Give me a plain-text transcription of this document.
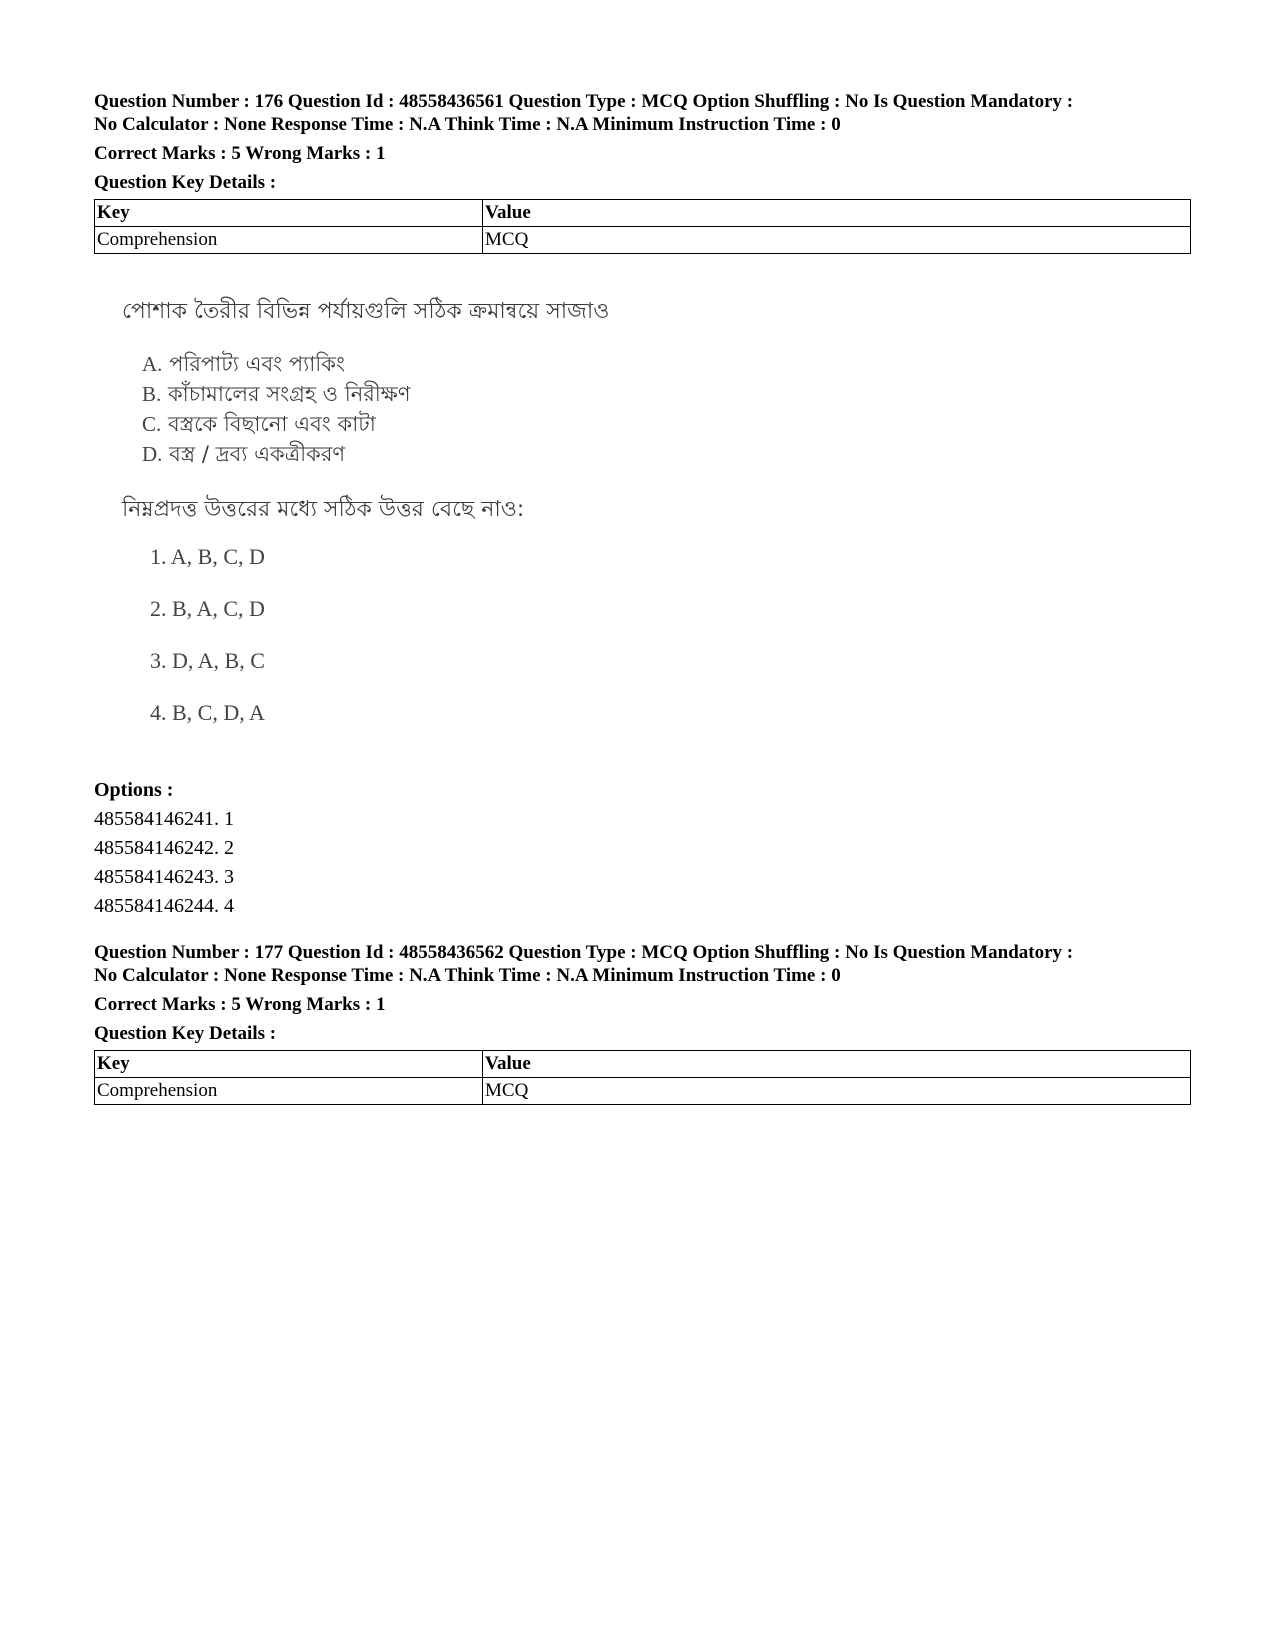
Question Number : 176 Question Id : 48558436561 Question Type : MCQ Option Shuffling : No Is Question Mandatory :

No Calculator : None Response Time : N.A Think Time : N.A Minimum Instruction Time : 0

Correct Marks : 5 Wrong Marks : 1
Question Key Details :
Key	Value
Comprehension	MCQ
পোশাক তৈরীর বিভিন্ন পর্যায়গুলি সঠিক ক্রমান্বয়ে সাজাও
A. পরিপাট্য এবং প্যাকিং
B. কাঁচামালের সংগ্রহ ও নিরীক্ষণ
C. বস্ত্রকে বিছানো এবং কাটা
D. বস্ত্র / দ্রব্য একত্রীকরণ
নিম্নপ্রদত্ত উত্তরের মধ্যে সঠিক উত্তর বেছে নাও:
1. A, B, C, D
2. B, A, C, D
3. D, A, B, C
4. B, C, D, A
Options :
485584146241. 1
485584146242. 2
485584146243. 3
485584146244. 4

Question Number : 177 Question Id : 48558436562 Question Type : MCQ Option Shuffling : No Is Question Mandatory :

No Calculator : None Response Time : N.A Think Time : N.A Minimum Instruction Time : 0

Correct Marks : 5 Wrong Marks : 1
Question Key Details :
Key	Value
Comprehension	MCQ
